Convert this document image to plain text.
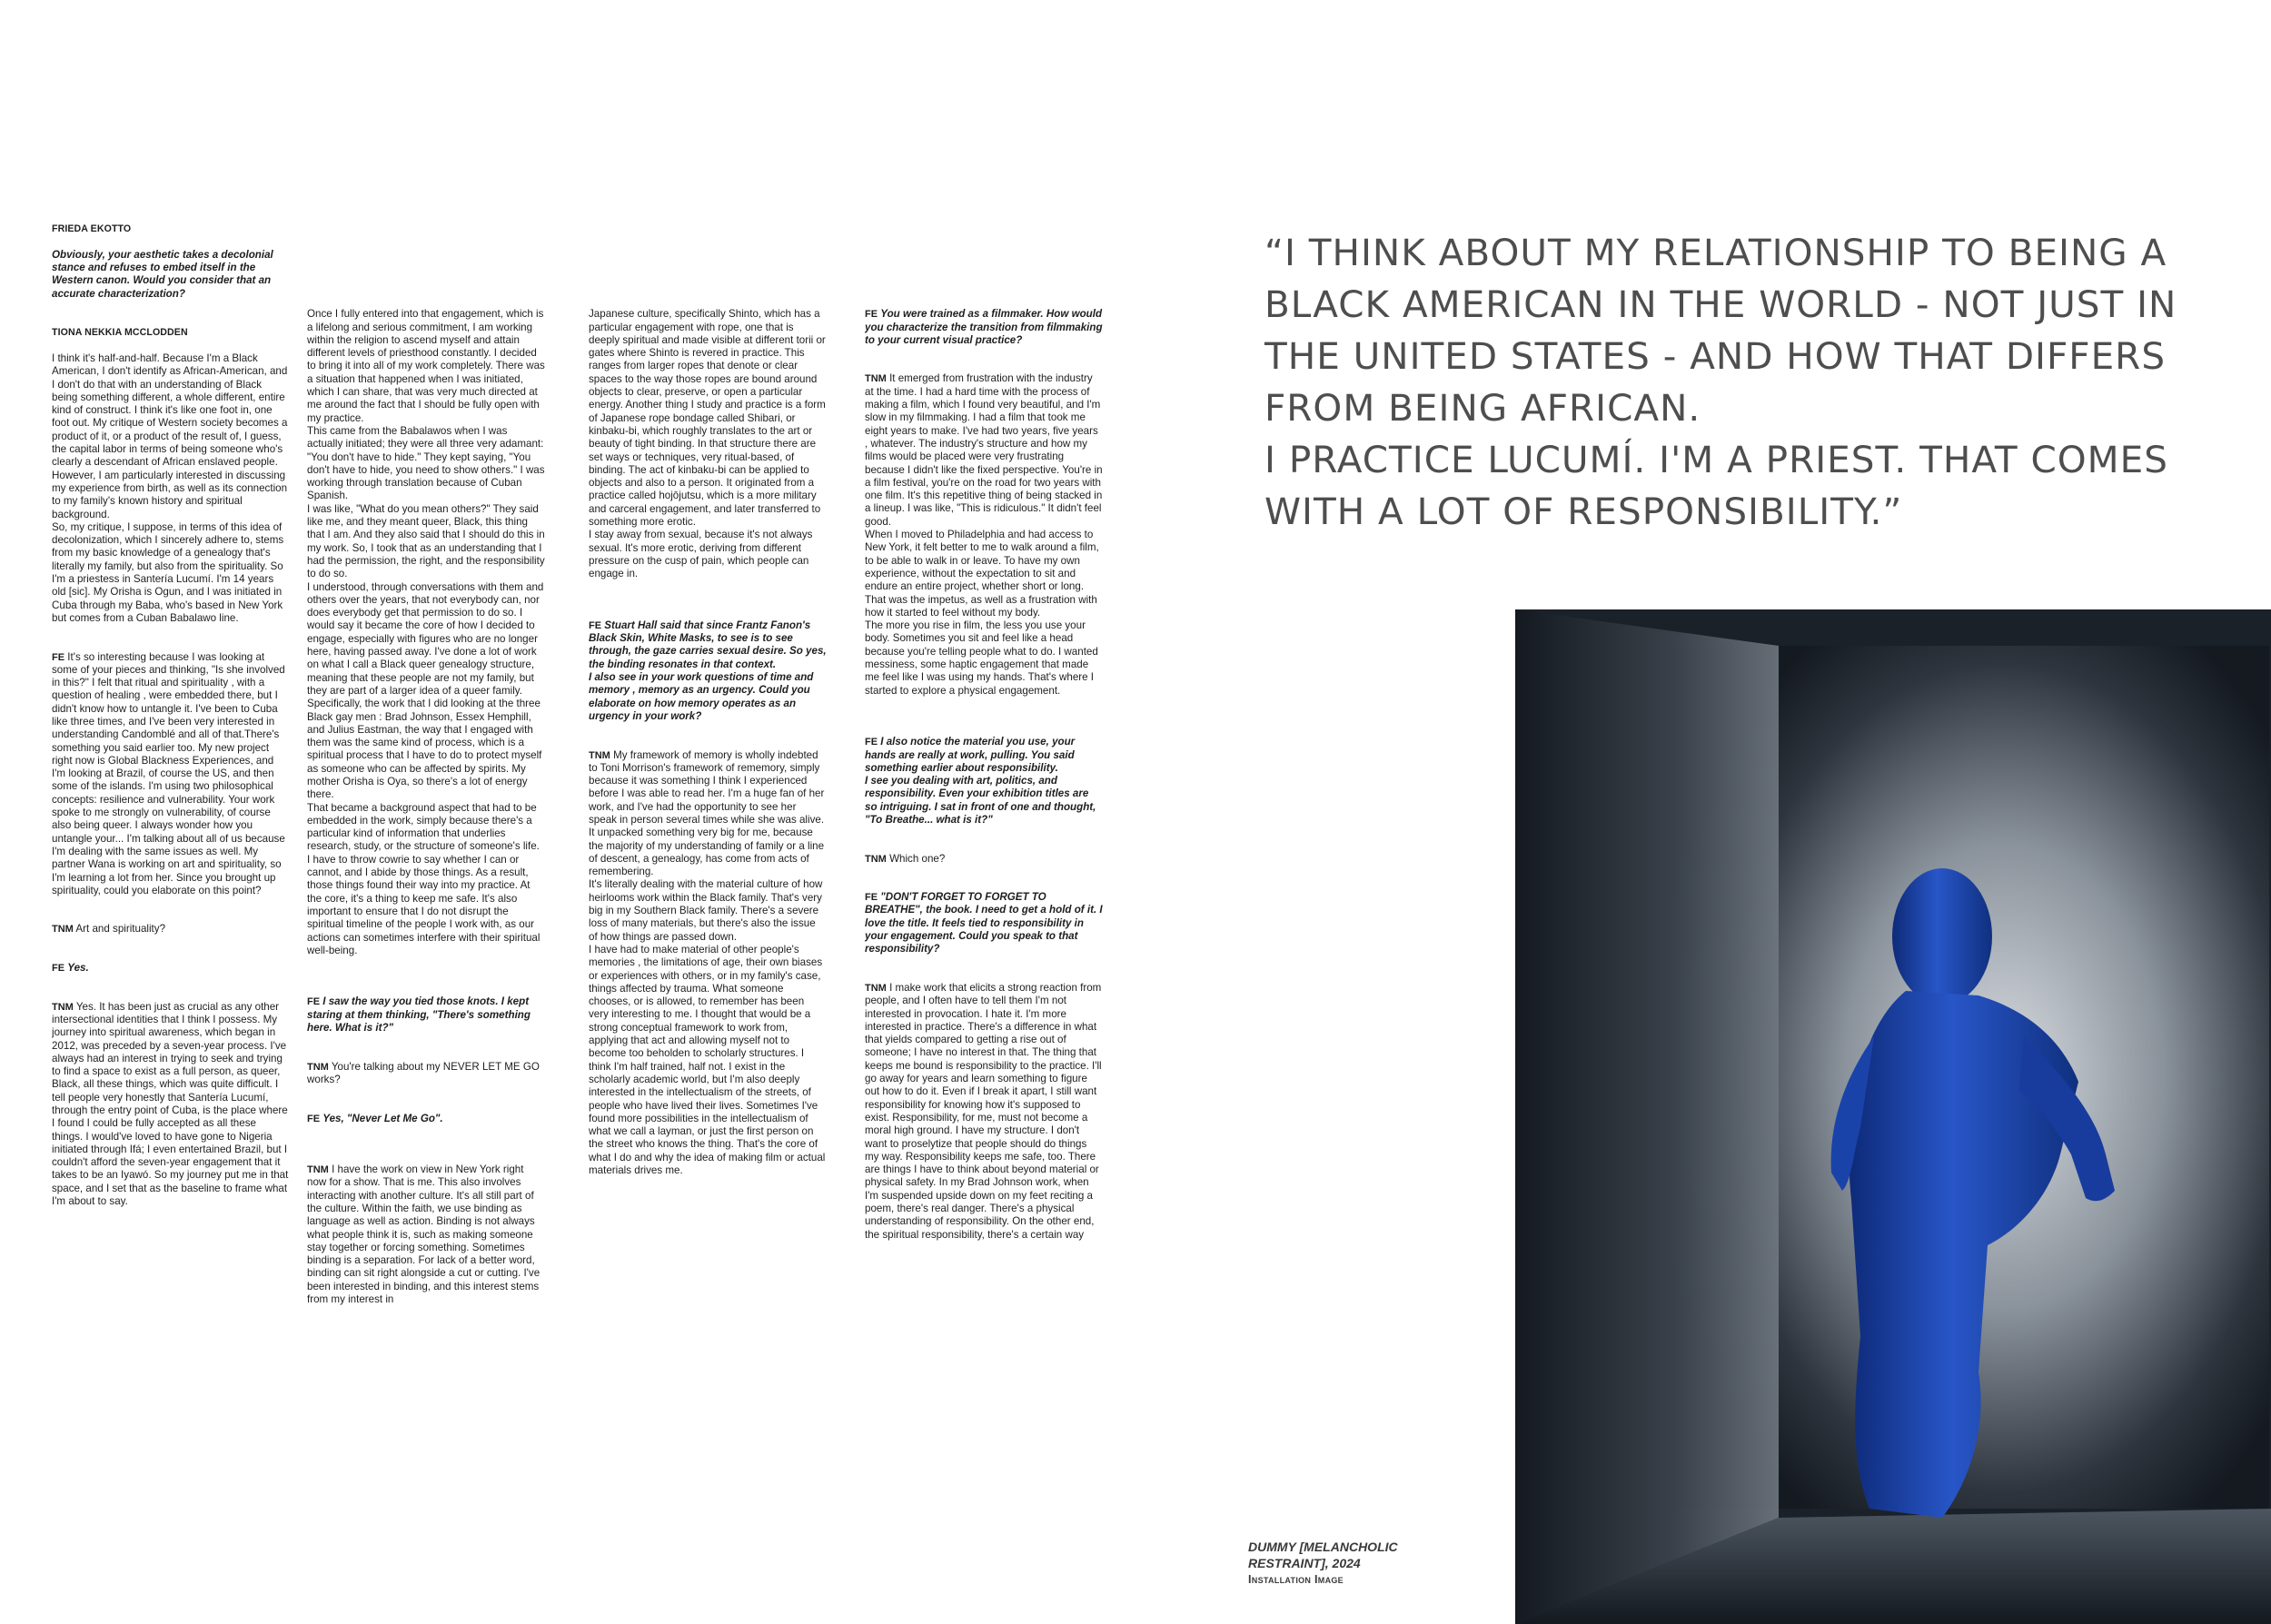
FRIEDA EKOTTO

Obviously, your aesthetic takes a decolonial stance and refuses to embed itself in the Western canon. Would you consider that an accurate characterization?

TIONA NEKKIA MCCLODDEN

I think it's half-and-half. Because I'm a Black American, I don't identify as African-American, and I don't do that with an understanding of Black being something different, a whole different, entire kind of construct. I think it's like one foot in, one foot out. My critique of Western society becomes a product of it, or a product of the result of, I guess, the capital labor in terms of being someone who's clearly a descendant of African enslaved people. However, I am particularly interested in discussing my experience from birth, as well as its connection to my family's known history and spiritual background.
So, my critique, I suppose, in terms of this idea of decolonization, which I sincerely adhere to, stems from my basic knowledge of a genealogy that's literally my family, but also from the spirituality. So I'm a priestess in Santería Lucumí. I'm 14 years old [sic]. My Orisha is Ogun, and I was initiated in Cuba through my Baba, who's based in New York but comes from a Cuban Babalawo line.

FE It's so interesting because I was looking at some of your pieces and thinking, "Is she involved in this?" I felt that ritual and spirituality , with a question of healing , were embedded there, but I didn't know how to untangle it. I've been to Cuba like three times, and I've been very interested in understanding Candomblé and all of that.There's something you said earlier too. My new project right now is Global Blackness Experiences, and I'm looking at Brazil, of course the US, and then some of the islands. I'm using two philosophical concepts: resilience and vulnerability. Your work spoke to me strongly on vulnerability, of course also being queer. I always wonder how you untangle your... I'm talking about all of us because I'm dealing with the same issues as well. My partner Wana is working on art and spirituality, so I'm learning a lot from her. Since you brought up spirituality, could you elaborate on this point?

TNM Art and spirituality?

FE Yes.

TNM Yes. It has been just as crucial as any other intersectional identities that I think I possess. My journey into spiritual awareness, which began in 2012, was preceded by a seven-year process. I've always had an interest in trying to seek and trying to find a space to exist as a full person, as queer, Black, all these things, which was quite difficult. I tell people very honestly that Santería Lucumí, through the entry point of Cuba, is the place where I found I could be fully accepted as all these things. I would've loved to have gone to Nigeria initiated through Ifá; I even entertained Brazil, but I couldn't afford the seven-year engagement that it takes to be an Iyawó. So my journey put me in that space, and I set that as the baseline to frame what I'm about to say.

Once I fully entered into that engagement, which is a lifelong and serious commitment, I am working within the religion to ascend myself and attain different levels of priesthood constantly. I decided to bring it into all of my work completely. There was a situation that happened when I was initiated, which I can share, that was very much directed at me around the fact that I should be fully open with my practice.
This came from the Babalawos when I was actually initiated; they were all three very adamant: "You don't have to hide." They kept saying, "You don't have to hide, you need to show others." I was working through translation because of Cuban Spanish.
I was like, "What do you mean others?" They said like me, and they meant queer, Black, this thing that I am. And they also said that I should do this in my work. So, I took that as an understanding that I had the permission, the right, and the responsibility to do so.
I understood, through conversations with them and others over the years, that not everybody can, nor does everybody get that permission to do so. I would say it became the core of how I decided to engage, especially with figures who are no longer here, having passed away. I've done a lot of work on what I call a Black queer genealogy structure, meaning that these people are not my family, but they are part of a larger idea of a queer family. Specifically, the work that I did looking at the three Black gay men : Brad Johnson, Essex Hemphill, and Julius Eastman, the way that I engaged with them was the same kind of process, which is a spiritual process that I have to do to protect myself as someone who can be affected by spirits. My mother Orisha is Oya, so there's a lot of energy there.
That became a background aspect that had to be embedded in the work, simply because there's a particular kind of information that underlies research, study, or the structure of someone's life. I have to throw cowrie to say whether I can or cannot, and I abide by those things. As a result, those things found their way into my practice. At the core, it's a thing to keep me safe. It's also important to ensure that I do not disrupt the spiritual timeline of the people I work with, as our actions can sometimes interfere with their spiritual well-being.

FE I saw the way you tied those knots. I kept staring at them thinking, "There's something here. What is it?"

TNM You're talking about my NEVER LET ME GO works?

FE Yes, "Never Let Me Go".

TNM I have the work on view in New York right now for a show. That is me. This also involves interacting with another culture. It's all still part of the culture. Within the faith, we use binding as language as well as action. Binding is not always what people think it is, such as making someone stay together or forcing something. Sometimes binding is a separation. For lack of a better word, binding can sit right alongside a cut or cutting. I've been interested in binding, and this interest stems from my interest in

Japanese culture, specifically Shinto, which has a particular engagement with rope, one that is deeply spiritual and made visible at different torii or gates where Shinto is revered in practice. This ranges from larger ropes that denote or clear spaces to the way those ropes are bound around objects to clear, preserve, or open a particular energy. Another thing I study and practice is a form of Japanese rope bondage called Shibari, or kinbaku-bi, which roughly translates to the art or beauty of tight binding. In that structure there are set ways or techniques, very ritual-based, of binding. The act of kinbaku-bi can be applied to objects and also to a person. It originated from a practice called hojōjutsu, which is a more military and carceral engagement, and later transferred to something more erotic.
I stay away from sexual, because it's not always sexual. It's more erotic, deriving from different pressure on the cusp of pain, which people can engage in.

FE Stuart Hall said that since Frantz Fanon's Black Skin, White Masks, to see is to see through, the gaze carries sexual desire. So yes, the binding resonates in that context.
I also see in your work questions of time and memory , memory as an urgency. Could you elaborate on how memory operates as an urgency in your work?

TNM My framework of memory is wholly indebted to Toni Morrison's framework of rememory, simply because it was something I think I experienced before I was able to read her. I'm a huge fan of her work, and I've had the opportunity to see her speak in person several times while she was alive. It unpacked something very big for me, because the majority of my understanding of family or a line of descent, a genealogy, has come from acts of remembering.
It's literally dealing with the material culture of how heirlooms work within the Black family. That's very big in my Southern Black family. There's a severe loss of many materials, but there's also the issue of how things are passed down.
I have had to make material of other people's memories , the limitations of age, their own biases or experiences with others, or in my family's case, things affected by trauma. What someone chooses, or is allowed, to remember has been very interesting to me. I thought that would be a strong conceptual framework to work from, applying that act and allowing myself not to become too beholden to scholarly structures. I think I'm half trained, half not. I exist in the scholarly academic world, but I'm also deeply interested in the intellectualism of the streets, of people who have lived their lives. Sometimes I've found more possibilities in the intellectualism of what we call a layman, or just the first person on the street who knows the thing. That's the core of what I do and why the idea of making film or actual materials drives me.

FE You were trained as a filmmaker. How would you characterize the transition from filmmaking to your current visual practice?

TNM It emerged from frustration with the industry at the time. I had a hard time with the process of making a film, which I found very beautiful, and I'm slow in my filmmaking. I had a film that took me eight years to make. I've had two years, five years , whatever. The industry's structure and how my films would be placed were very frustrating because I didn't like the fixed perspective. You're in a film festival, you're on the road for two years with one film. It's this repetitive thing of being stacked in a lineup. I was like, "This is ridiculous." It didn't feel good.
When I moved to Philadelphia and had access to New York, it felt better to me to walk around a film, to be able to walk in or leave. To have my own experience, without the expectation to sit and endure an entire project, whether short or long. That was the impetus, as well as a frustration with how it started to feel without my body.
The more you rise in film, the less you use your body. Sometimes you sit and feel like a head because you're telling people what to do. I wanted messiness, some haptic engagement that made me feel like I was using my hands. That's where I started to explore a physical engagement.

FE I also notice the material you use, your hands are really at work, pulling. You said something earlier about responsibility.
I see you dealing with art, politics, and responsibility. Even your exhibition titles are so intriguing. I sat in front of one and thought, "To Breathe... what is it?"

TNM Which one?

FE "DON'T FORGET TO FORGET TO BREATHE", the book. I need to get a hold of it. I love the title. It feels tied to responsibility in your engagement. Could you speak to that responsibility?

TNM I make work that elicits a strong reaction from people, and I often have to tell them I'm not interested in provocation. I hate it. I'm more interested in practice. There's a difference in what that yields compared to getting a rise out of someone; I have no interest in that. The thing that keeps me bound is responsibility to the practice. I'll go away for years and learn something to figure out how to do it. Even if I break it apart, I still want responsibility for knowing how it's supposed to exist. Responsibility, for me, must not become a moral high ground. I have my structure. I don't want to proselytize that people should do things my way. Responsibility keeps me safe, too. There are things I have to think about beyond material or physical safety. In my Brad Johnson work, when I'm suspended upside down on my feet reciting a poem, there's real danger. There's a physical understanding of responsibility. On the other end, the spiritual responsibility, there's a certain way

“I THINK ABOUT MY RELATIONSHIP TO BEING A BLACK AMERICAN IN THE WORLD - NOT JUST IN THE UNITED STATES - AND HOW THAT DIFFERS FROM BEING AFRICAN.
I PRACTICE LUCUMÍ. I'M A PRIEST. THAT COMES WITH A LOT OF RESPONSIBILITY.”

DUMMY [MELANCHOLIC RESTRAINT], 2024
Installation Image
